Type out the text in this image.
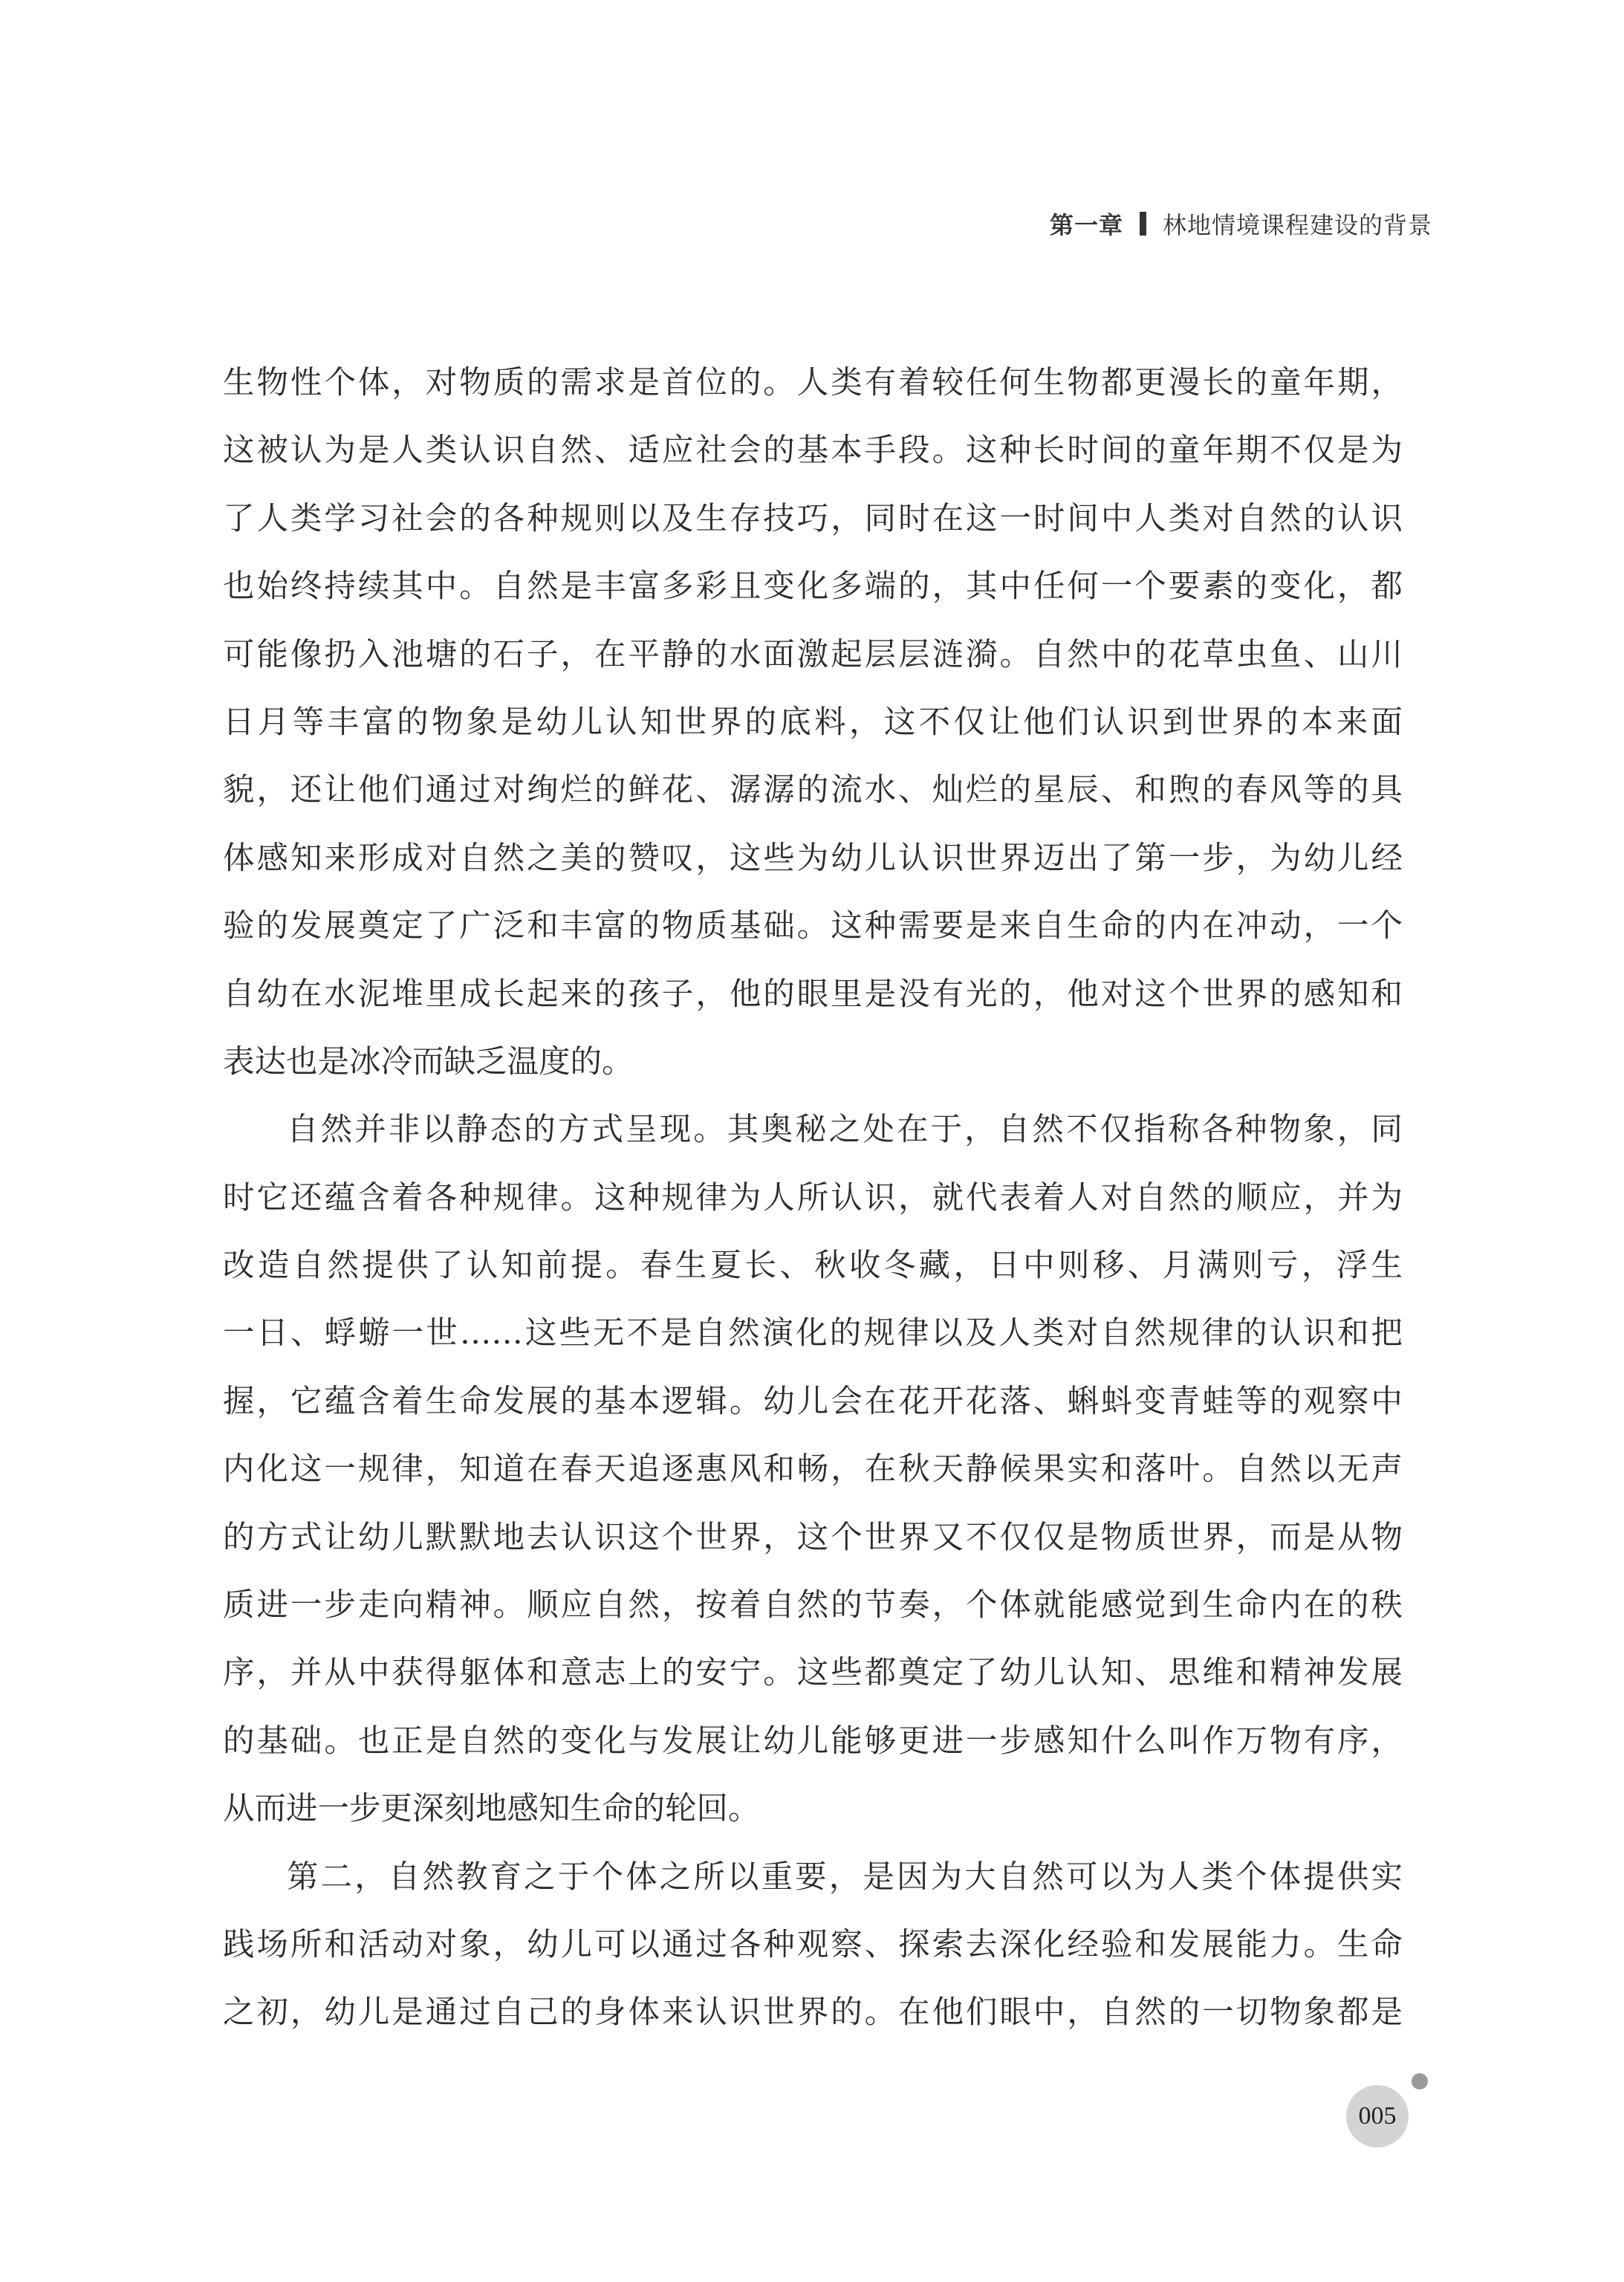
第一章 林地情境课程建设的背景
生物性个体，对物质的需求是首位的。人类有着较任何生物都更漫长的童年期，
这被认为是人类认识自然、适应社会的基本手段。这种长时间的童年期不仅是为
了人类学习社会的各种规则以及生存技巧，同时在这一时间中人类对自然的认识
也始终持续其中。自然是丰富多彩且变化多端的，其中任何一个要素的变化，都
可能像扔入池塘的石子，在平静的水面激起层层涟漪。自然中的花草虫鱼、山川
日月等丰富的物象是幼儿认知世界的底料，这不仅让他们认识到世界的本来面
貌，还让他们通过对绚烂的鲜花、潺潺的流水、灿烂的星辰、和煦的春风等的具
体感知来形成对自然之美的赞叹，这些为幼儿认识世界迈出了第一步，为幼儿经
验的发展奠定了广泛和丰富的物质基础。这种需要是来自生命的内在冲动，一个
自幼在水泥堆里成长起来的孩子，他的眼里是没有光的，他对这个世界的感知和
表达也是冰冷而缺乏温度的。
自然并非以静态的方式呈现。其奥秘之处在于，自然不仅指称各种物象，同
时它还蕴含着各种规律。这种规律为人所认识，就代表着人对自然的顺应，并为
改造自然提供了认知前提。春生夏长、秋收冬藏，日中则移、月满则亏，浮生
一日、蜉蝣一世……这些无不是自然演化的规律以及人类对自然规律的认识和把
握，它蕴含着生命发展的基本逻辑。幼儿会在花开花落、蝌蚪变青蛙等的观察中
内化这一规律，知道在春天追逐惠风和畅，在秋天静候果实和落叶。自然以无声
的方式让幼儿默默地去认识这个世界，这个世界又不仅仅是物质世界，而是从物
质进一步走向精神。顺应自然，按着自然的节奏，个体就能感觉到生命内在的秩
序，并从中获得躯体和意志上的安宁。这些都奠定了幼儿认知、思维和精神发展
的基础。也正是自然的变化与发展让幼儿能够更进一步感知什么叫作万物有序，
从而进一步更深刻地感知生命的轮回。
第二，自然教育之于个体之所以重要，是因为大自然可以为人类个体提供实
践场所和活动对象，幼儿可以通过各种观察、探索去深化经验和发展能力。生命
之初，幼儿是通过自己的身体来认识世界的。在他们眼中，自然的一切物象都是
005
